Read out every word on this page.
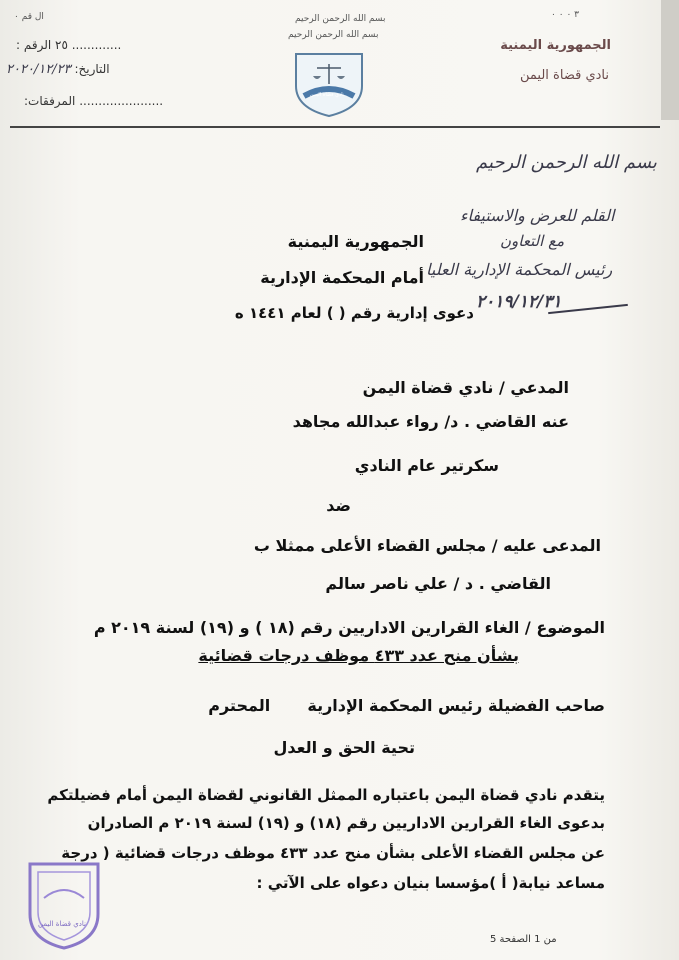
ال قم ٠	٣ ٠ ٠ ٠
بسم الله الرحمن الرحيم
بسم الله الرحمن الرحيم
الجمهورية اليمنية
نادي قضاة اليمن
نادي قضاة اليمن
............. ٢٥ الرقم :
التاريخ: ٢٠٢٠/١٢/٢٣
...................... المرفقات:
بسم الله الرحمن الرحيم
القلم للعرض والاستيفاء
مع التعاون
رئيس المحكمة الإدارية العليا
٢٠١٩/١٢/٣١
الجمهورية اليمنية
أمام المحكمة الإدارية
دعوى إدارية رقم ( ) لعام ١٤٤١ ه
المدعي / نادي قضاة اليمن
عنه القاضي . د/ رواء عبدالله مجاهد
سكرتير عام النادي
ضد
المدعى عليه / مجلس القضاء الأعلى ممثلا ب
القاضي . د / علي ناصر سالم
الموضوع / الغاء القرارين الاداريين رقم (١٨ ) و (١٩) لسنة ٢٠١٩ م
بشأن منح عدد ٤٣٣ موظف درجات قضائية
صاحب الفضيلة رئيس المحكمة الإدارية  المحترم
تحية الحق و العدل
يتقدم نادي قضاة اليمن باعتباره الممثل القانوني لقضاة اليمن أمام فضيلتكم
بدعوى الغاء القرارين الاداريين رقم (١٨) و (١٩) لسنة ٢٠١٩ م الصادران
عن مجلس القضاء الأعلى بشأن منح عدد ٤٣٣ موظف درجات قضائية ( درجة
مساعد نيابة( أ )مؤسسا بنيان دعواه على الآتي :
نادي قضاة اليمن
5 من 1 الصفحة
